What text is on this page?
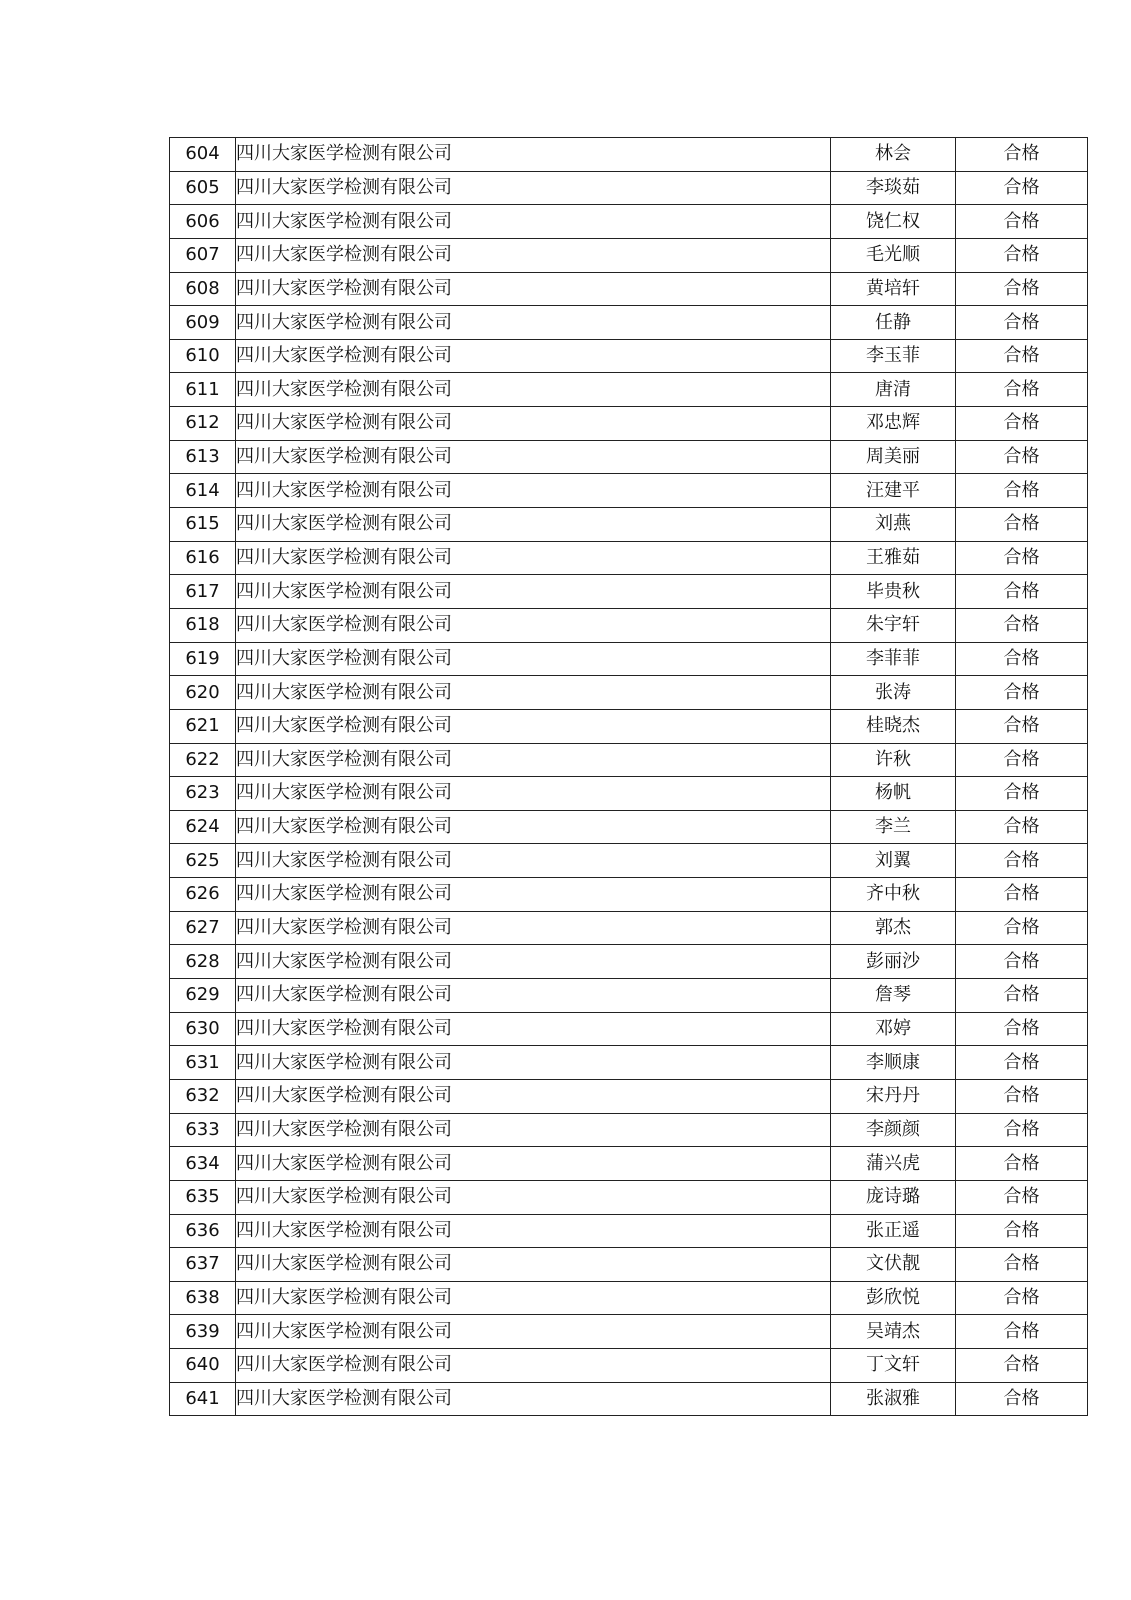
604	四川大家医学检测有限公司	林会	合格
605	四川大家医学检测有限公司	李琰茹	合格
606	四川大家医学检测有限公司	饶仁权	合格
607	四川大家医学检测有限公司	毛光顺	合格
608	四川大家医学检测有限公司	黄培轩	合格
609	四川大家医学检测有限公司	任静	合格
610	四川大家医学检测有限公司	李玉菲	合格
611	四川大家医学检测有限公司	唐清	合格
612	四川大家医学检测有限公司	邓忠辉	合格
613	四川大家医学检测有限公司	周美丽	合格
614	四川大家医学检测有限公司	汪建平	合格
615	四川大家医学检测有限公司	刘燕	合格
616	四川大家医学检测有限公司	王雅茹	合格
617	四川大家医学检测有限公司	毕贵秋	合格
618	四川大家医学检测有限公司	朱宇轩	合格
619	四川大家医学检测有限公司	李菲菲	合格
620	四川大家医学检测有限公司	张涛	合格
621	四川大家医学检测有限公司	桂晓杰	合格
622	四川大家医学检测有限公司	许秋	合格
623	四川大家医学检测有限公司	杨帆	合格
624	四川大家医学检测有限公司	李兰	合格
625	四川大家医学检测有限公司	刘翼	合格
626	四川大家医学检测有限公司	齐中秋	合格
627	四川大家医学检测有限公司	郭杰	合格
628	四川大家医学检测有限公司	彭丽沙	合格
629	四川大家医学检测有限公司	詹琴	合格
630	四川大家医学检测有限公司	邓婷	合格
631	四川大家医学检测有限公司	李顺康	合格
632	四川大家医学检测有限公司	宋丹丹	合格
633	四川大家医学检测有限公司	李颜颜	合格
634	四川大家医学检测有限公司	蒲兴虎	合格
635	四川大家医学检测有限公司	庞诗璐	合格
636	四川大家医学检测有限公司	张正遥	合格
637	四川大家医学检测有限公司	文伏靓	合格
638	四川大家医学检测有限公司	彭欣悦	合格
639	四川大家医学检测有限公司	吴靖杰	合格
640	四川大家医学检测有限公司	丁文轩	合格
641	四川大家医学检测有限公司	张淑雅	合格
